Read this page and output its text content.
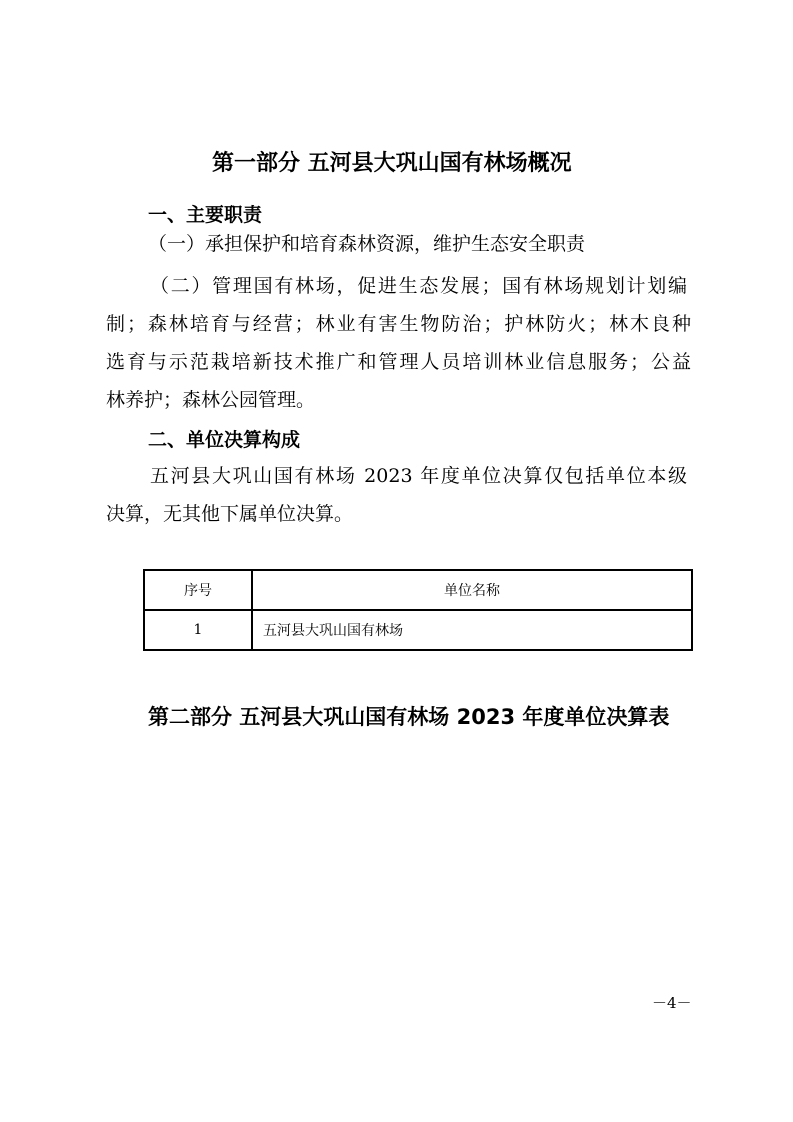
第一部分 五河县大巩山国有林场概况
一、主要职责
（一）承担保护和培育森林资源，维护生态安全职责
（二）管理国有林场，促进生态发展；国有林场规划计划编
制；森林培育与经营；林业有害生物防治；护林防火；林木良种
选育与示范栽培新技术推广和管理人员培训林业信息服务；公益
林养护；森林公园管理。
二、单位决算构成
五河县大巩山国有林场 2023 年度单位决算仅包括单位本级
决算，无其他下属单位决算。
序号	单位名称
1	五河县大巩山国有林场
第二部分 五河县大巩山国有林场 2023 年度单位决算表
－4－
